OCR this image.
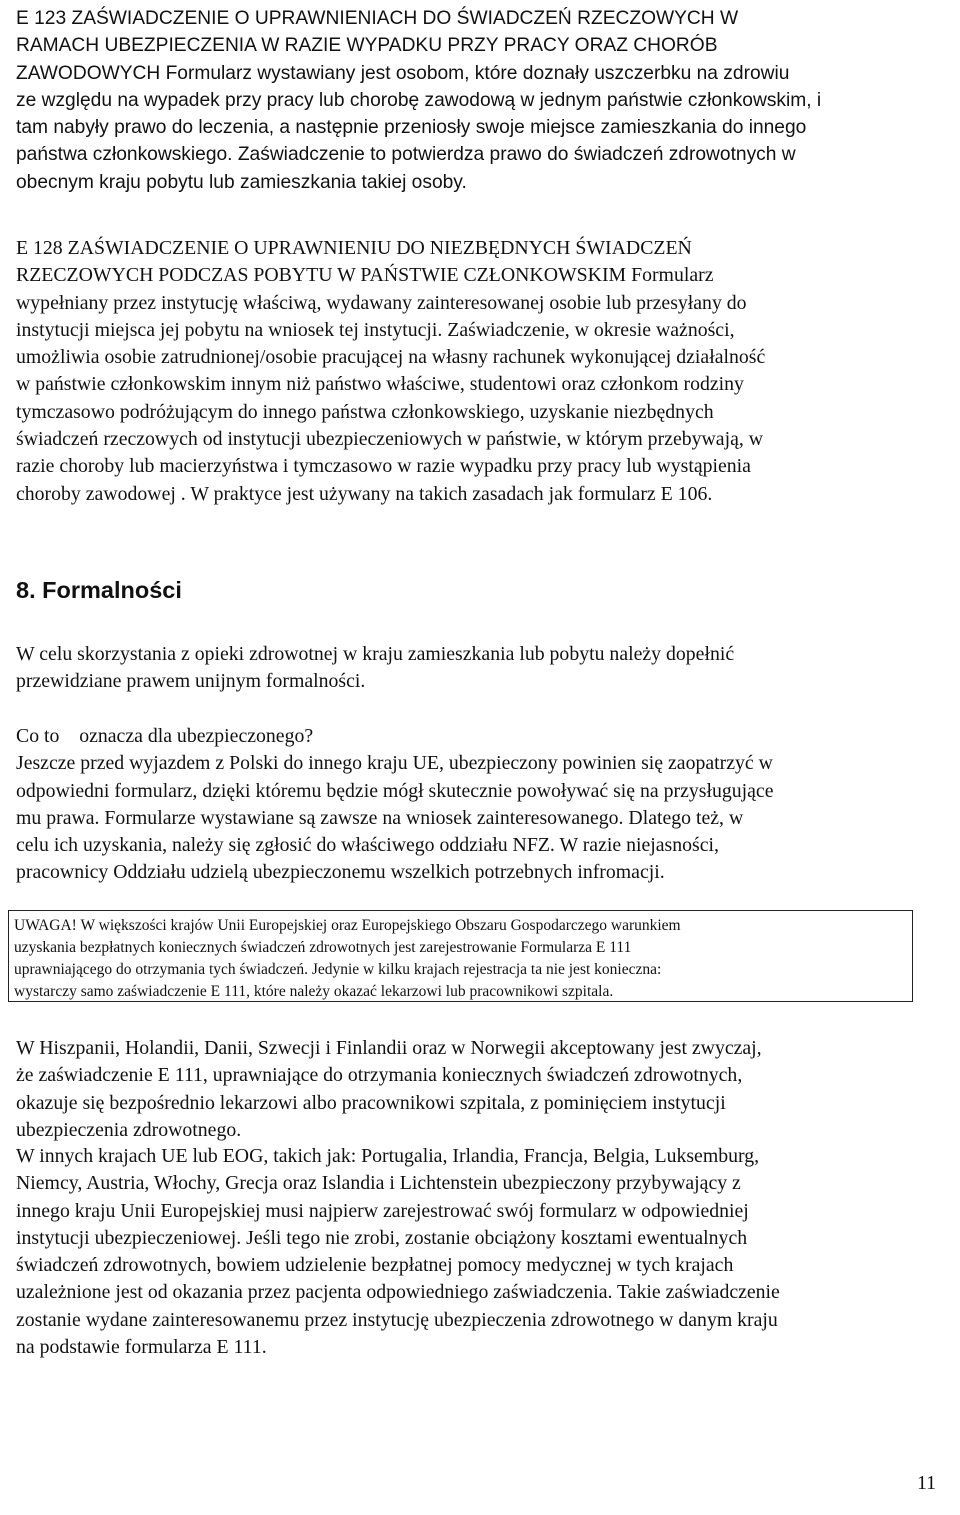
E 123 ZAŚWIADCZENIE O UPRAWNIENIACH DO ŚWIADCZEŃ RZECZOWYCH W
RAMACH UBEZPIECZENIA W RAZIE WYPADKU PRZY PRACY ORAZ CHORÓB
ZAWODOWYCH Formularz wystawiany jest osobom, które doznały uszczerbku na zdrowiu
ze względu na wypadek przy pracy lub chorobę zawodową w jednym państwie członkowskim, i
tam nabyły prawo do leczenia, a następnie przeniosły swoje miejsce zamieszkania do innego
państwa członkowskiego. Zaświadczenie to potwierdza prawo do świadczeń zdrowotnych w
obecnym kraju pobytu lub zamieszkania takiej osoby.
E 128 ZAŚWIADCZENIE O UPRAWNIENIU DO NIEZBĘDNYCH ŚWIADCZEŃ
RZECZOWYCH PODCZAS POBYTU W PAŃSTWIE CZŁONKOWSKIM Formularz
wypełniany przez instytucję właściwą, wydawany zainteresowanej osobie lub przesyłany do
instytucji miejsca jej pobytu na wniosek tej instytucji. Zaświadczenie, w okresie ważności,
umożliwia osobie zatrudnionej/osobie pracującej na własny rachunek wykonującej działalność
w państwie członkowskim innym niż państwo właściwe, studentowi oraz członkom rodziny
tymczasowo podróżującym do innego państwa członkowskiego, uzyskanie niezbędnych
świadczeń rzeczowych od instytucji ubezpieczeniowych w państwie, w którym przebywają, w
razie choroby lub macierzyństwa i tymczasowo w razie wypadku przy pracy lub wystąpienia
choroby zawodowej . W praktyce jest używany na takich zasadach jak formularz E 106.
8. Formalności
W celu skorzystania z opieki zdrowotnej w kraju zamieszkania lub pobytu należy dopełnić
przewidziane prawem unijnym formalności.
Co to    oznacza dla ubezpieczonego?
Jeszcze przed wyjazdem z Polski do innego kraju UE, ubezpieczony powinien się zaopatrzyć w
odpowiedni formularz, dzięki któremu będzie mógł skutecznie powoływać się na przysługujące
mu prawa. Formularze wystawiane są zawsze na wniosek zainteresowanego. Dlatego też, w
celu ich uzyskania, należy się zgłosić do właściwego oddziału NFZ. W razie niejasności,
pracownicy Oddziału udzielą ubezpieczonemu wszelkich potrzebnych infromacji.
UWAGA! W większości krajów Unii Europejskiej oraz Europejskiego Obszaru Gospodarczego warunkiem
uzyskania bezpłatnych koniecznych świadczeń zdrowotnych jest zarejestrowanie Formularza E 111
uprawniającego do otrzymania tych świadczeń. Jedynie w kilku krajach rejestracja ta nie jest konieczna:
wystarczy samo zaświadczenie E 111, które należy okazać lekarzowi lub pracownikowi szpitala.
W Hiszpanii, Holandii, Danii, Szwecji i Finlandii oraz w Norwegii akceptowany jest zwyczaj,
że zaświadczenie E 111, uprawniające do otrzymania koniecznych świadczeń zdrowotnych,
okazuje się bezpośrednio lekarzowi albo pracownikowi szpitala, z pominięciem instytucji
ubezpieczenia zdrowotnego.
W innych krajach UE lub EOG, takich jak: Portugalia, Irlandia, Francja, Belgia, Luksemburg,
Niemcy, Austria, Włochy, Grecja oraz Islandia i Lichtenstein ubezpieczony przybywający z
innego kraju Unii Europejskiej musi najpierw zarejestrować swój formularz w odpowiedniej
instytucji ubezpieczeniowej. Jeśli tego nie zrobi, zostanie obciążony kosztami ewentualnych
świadczeń zdrowotnych, bowiem udzielenie bezpłatnej pomocy medycznej w tych krajach
uzależnione jest od okazania przez pacjenta odpowiedniego zaświadczenia. Takie zaświadczenie
zostanie wydane zainteresowanemu przez instytucję ubezpieczenia zdrowotnego w danym kraju
na podstawie formularza E 111.
11
